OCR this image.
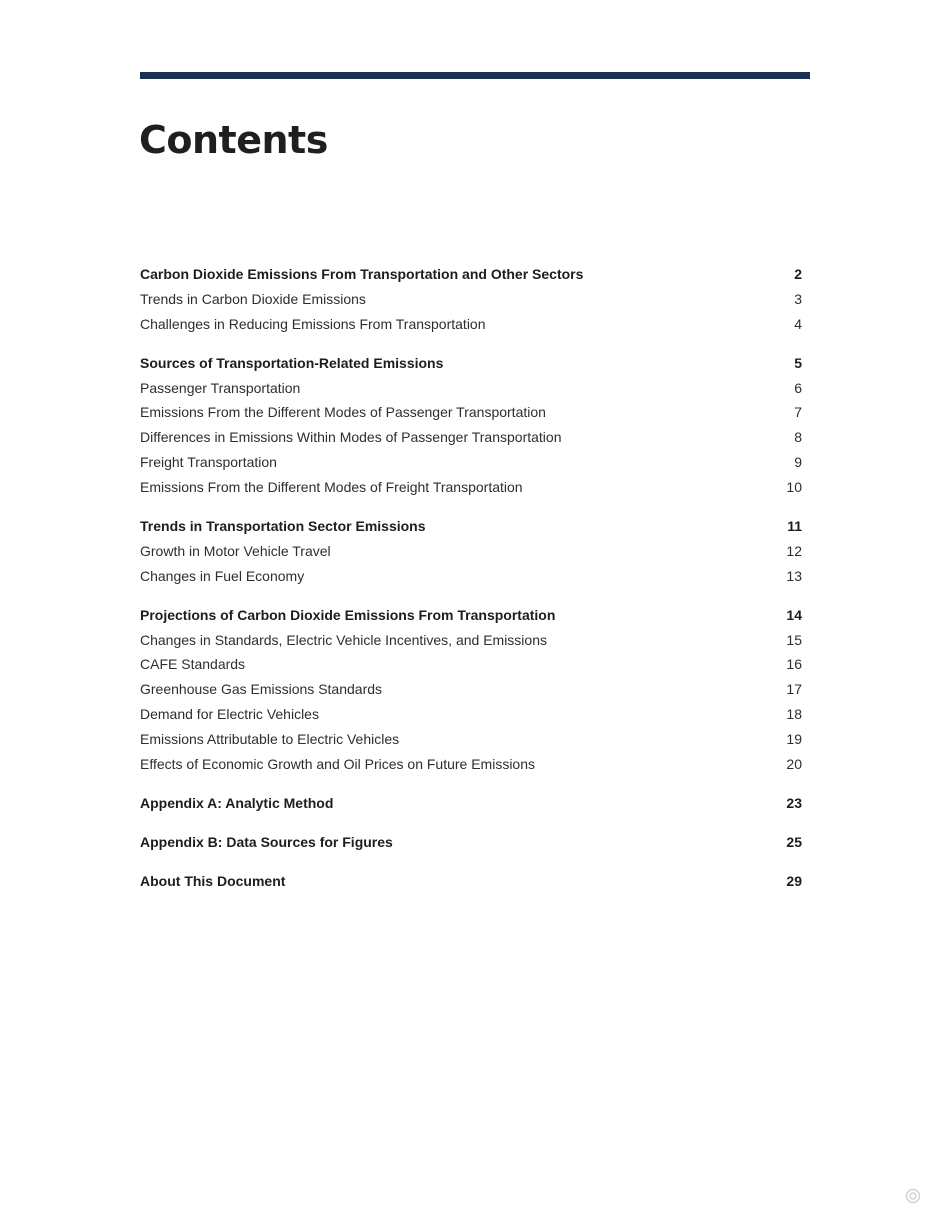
Contents
Carbon Dioxide Emissions From Transportation and Other Sectors	2
Trends in Carbon Dioxide Emissions	3
Challenges in Reducing Emissions From Transportation	4
Sources of Transportation-Related Emissions	5
Passenger Transportation	6
Emissions From the Different Modes of Passenger Transportation	7
Differences in Emissions Within Modes of Passenger Transportation	8
Freight Transportation	9
Emissions From the Different Modes of Freight Transportation	10
Trends in Transportation Sector Emissions	11
Growth in Motor Vehicle Travel	12
Changes in Fuel Economy	13
Projections of Carbon Dioxide Emissions From Transportation	14
Changes in Standards, Electric Vehicle Incentives, and Emissions	15
CAFE Standards	16
Greenhouse Gas Emissions Standards	17
Demand for Electric Vehicles	18
Emissions Attributable to Electric Vehicles	19
Effects of Economic Growth and Oil Prices on Future Emissions	20
Appendix A: Analytic Method	23
Appendix B: Data Sources for Figures	25
About This Document	29
